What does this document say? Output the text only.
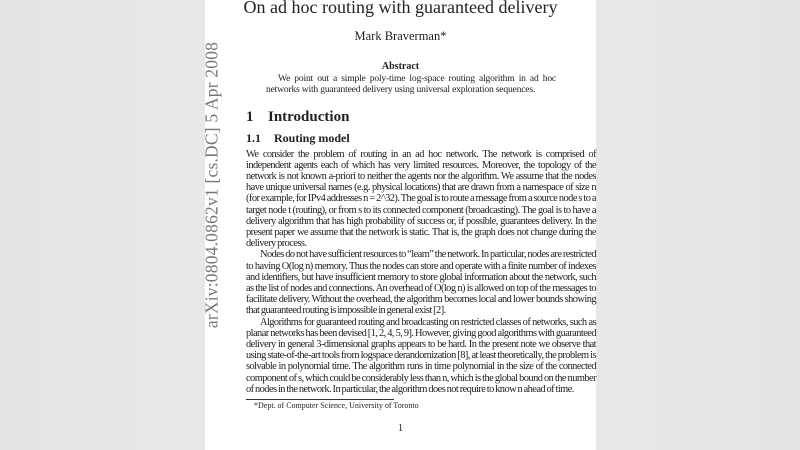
arXiv:0804.0862v1 [cs.DC] 5 Apr 2008
On ad hoc routing with guaranteed delivery
Mark Braverman*
Abstract
We point out a simple poly-time log-space routing algorithm in ad hoc networks with guaranteed delivery using universal exploration sequences.
1 Introduction
1.1 Routing model

We consider the problem of routing in an ad hoc network. The network is comprised of independent agents each of which has very limited resources. Moreover, the topology of the network is not known a-priori to neither the agents nor the algorithm. We assume that the nodes have unique universal names (e.g. physical locations) that are drawn from a namespace of size n (for example, for IPv4 addresses n = 2^32). The goal is to route a message from a source node s to a target node t (routing), or from s to its connected component (broadcasting). The goal is to have a delivery algorithm that has high probability of success or, if possible, guarantees delivery. In the present paper we assume that the network is static. That is, the graph does not change during the delivery process.

Nodes do not have sufficient resources to “learn” the network. In particular, nodes are restricted to having O(log n) memory. Thus the nodes can store and operate with a finite number of indexes and identifiers, but have insufficient memory to store global information about the network, such as the list of nodes and connections. An overhead of O(log n) is allowed on top of the messages to facilitate delivery. Without the overhead, the algorithm becomes local and lower bounds showing that guaranteed routing is impossible in general exist [2].

Algorithms for guaranteed routing and broadcasting on restricted classes of networks, such as planar networks has been devised [1, 2, 4, 5, 9]. However, giving good algorithms with guaranteed delivery in general 3-dimensional graphs appears to be hard. In the present note we observe that using state-of-the-art tools from logspace derandomization [8], at least theoretically, the problem is solvable in polynomial time. The algorithm runs in time polynomial in the size of the connected component of s, which could be considerably less than n, which is the global bound on the number of nodes in the network. In particular, the algorithm does not require to know n ahead of time.

*Dept. of Computer Science, University of Toronto
1
